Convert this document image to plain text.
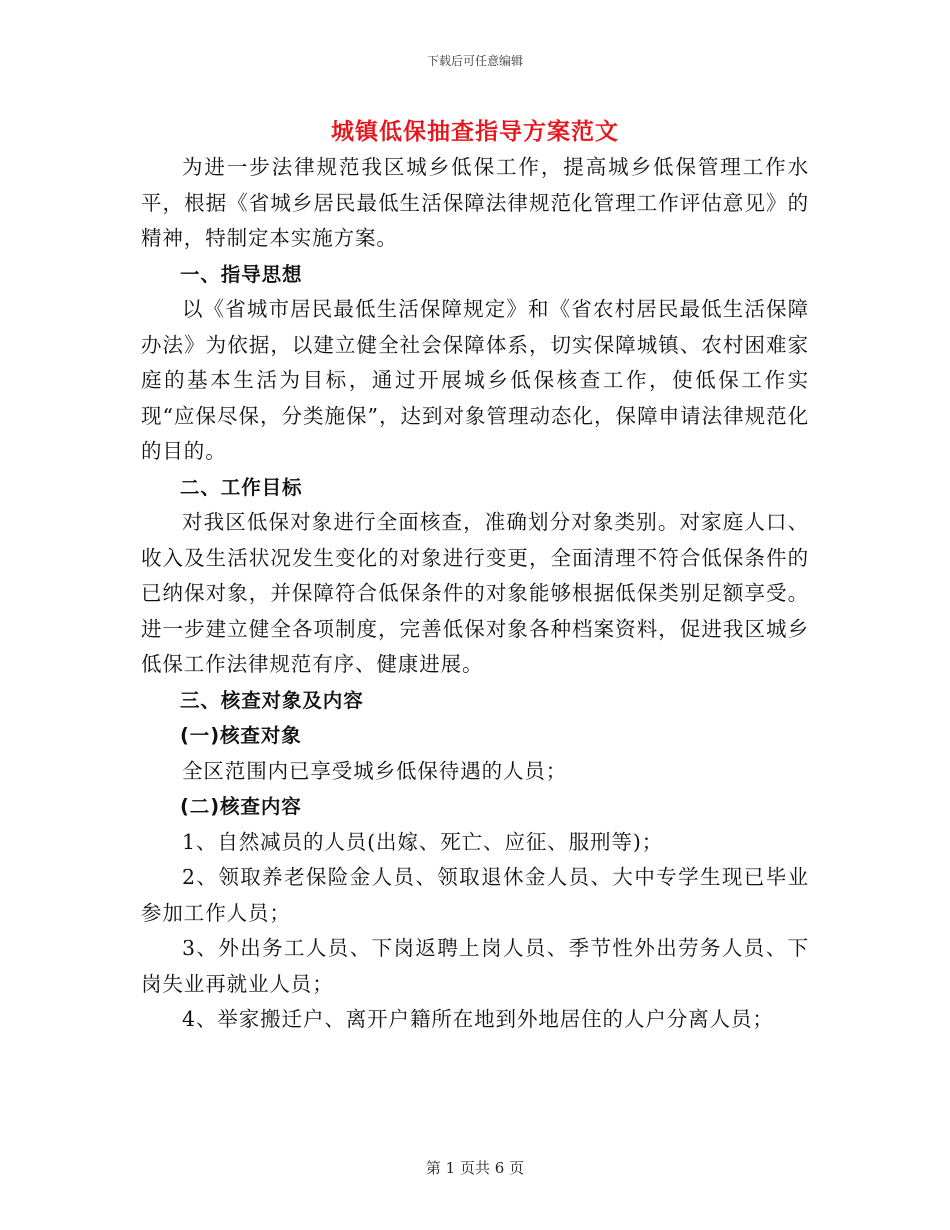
下载后可任意编辑
城镇低保抽查指导方案范文

为进一步法律规范我区城乡低保工作，提高城乡低保管理工作水平，根据《省城乡居民最低生活保障法律规范化管理工作评估意见》的精神，特制定本实施方案。

一、指导思想

以《省城市居民最低生活保障规定》和《省农村居民最低生活保障办法》为依据，以建立健全社会保障体系，切实保障城镇、农村困难家庭的基本生活为目标，通过开展城乡低保核查工作，使低保工作实现“应保尽保，分类施保”，达到对象管理动态化，保障申请法律规范化的目的。

二、工作目标

对我区低保对象进行全面核查，准确划分对象类别。对家庭人口、收入及生活状况发生变化的对象进行变更，全面清理不符合低保条件的已纳保对象，并保障符合低保条件的对象能够根据低保类别足额享受。进一步建立健全各项制度，完善低保对象各种档案资料，促进我区城乡低保工作法律规范有序、健康进展。

三、核查对象及内容

(一)核查对象

全区范围内已享受城乡低保待遇的人员；

(二)核查内容

1、自然减员的人员(出嫁、死亡、应征、服刑等)；

2、领取养老保险金人员、领取退休金人员、大中专学生现已毕业参加工作人员；

3、外出务工人员、下岗返聘上岗人员、季节性外出劳务人员、下岗失业再就业人员；

4、举家搬迁户、离开户籍所在地到外地居住的人户分离人员；

第 1 页共 6 页
